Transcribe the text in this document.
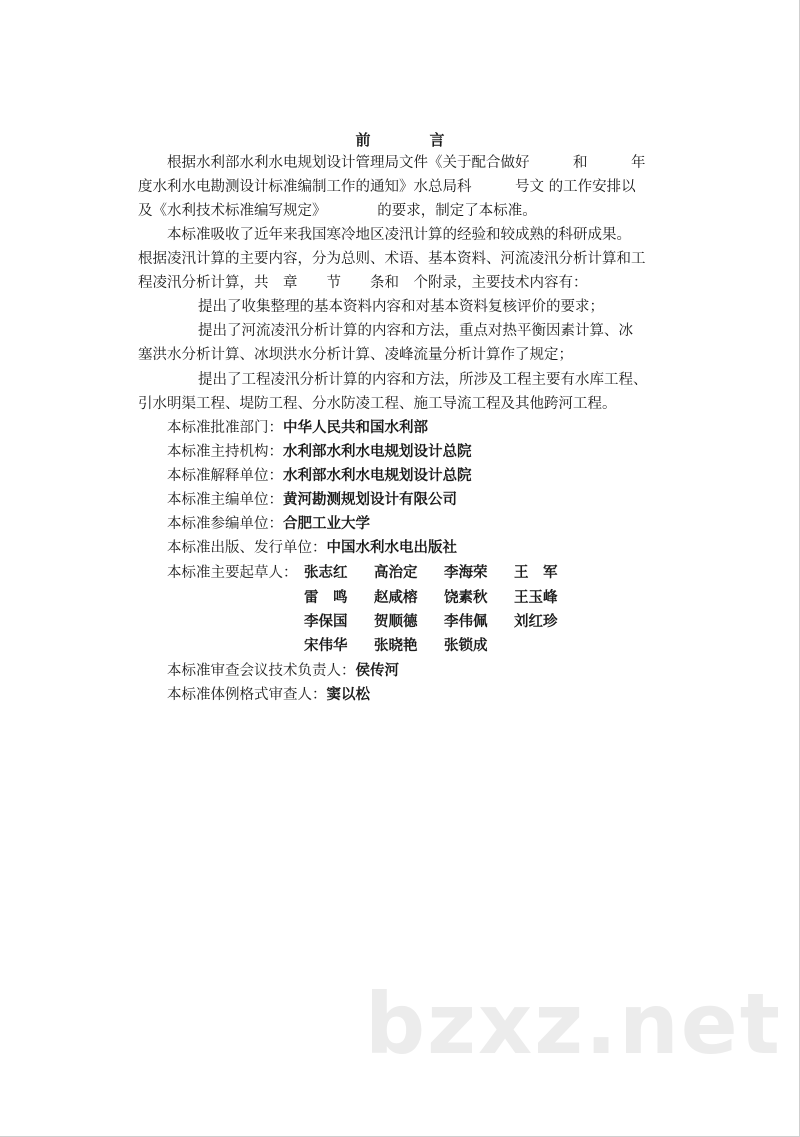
前　言
根据水利部水利水电规划设计管理局文件《关于配合做好　　　和　　　年
度水利水电勘测设计标准编制工作的通知》水总局科　　　号文 的工作安排以
及《水利技术标准编写规定》　　　　的要求，制定了本标准。
本标准吸收了近年来我国寒冷地区凌汛计算的经验和较成熟的科研成果。
根据凌汛计算的主要内容，分为总则、术语、基本资料、河流凌汛分析计算和工
程凌汛分析计算，共　章　　节　　条和　个附录，主要技术内容有：
提出了收集整理的基本资料内容和对基本资料复核评价的要求；
提出了河流凌汛分析计算的内容和方法，重点对热平衡因素计算、冰
塞洪水分析计算、冰坝洪水分析计算、凌峰流量分析计算作了规定；
提出了工程凌汛分析计算的内容和方法，所涉及工程主要有水库工程、
引水明渠工程、堤防工程、分水防凌工程、施工导流工程及其他跨河工程。
本标准批准部门：中华人民共和国水利部
本标准主持机构：水利部水利水电规划设计总院
本标准解释单位：水利部水利水电规划设计总院
本标准主编单位：黄河勘测规划设计有限公司
本标准参编单位：合肥工业大学
本标准出版、发行单位：中国水利水电出版社
本标准主要起草人： 张志红 高治定 李海荣 王　军
雷　鸣 赵咸榕 饶素秋 王玉峰
李保国 贺顺德 李伟佩 刘红珍
宋伟华 张晓艳 张锁成
本标准审查会议技术负责人：侯传河
本标准体例格式审查人：窦以松
bzxz.net
